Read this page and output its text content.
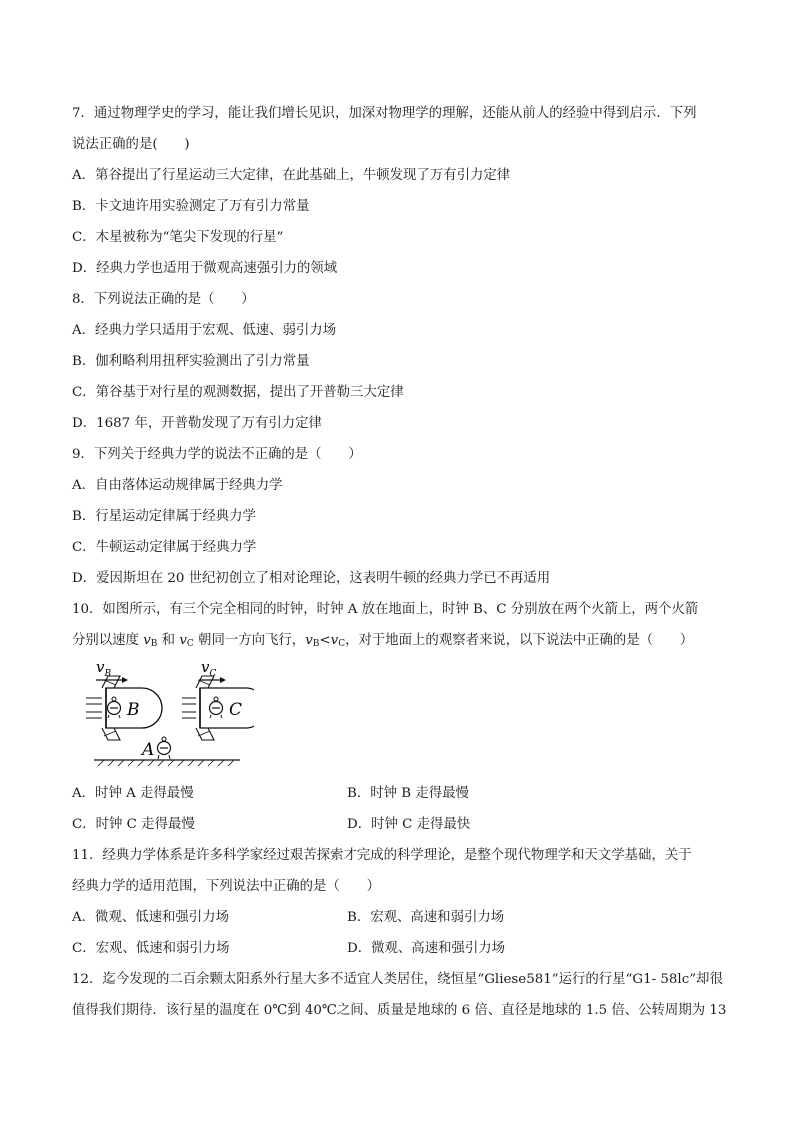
7．通过物理学史的学习，能让我们增长见识，加深对物理学的理解，还能从前人的经验中得到启示．下列
说法正确的是(　　)
A．第谷提出了行星运动三大定律，在此基础上，牛顿发现了万有引力定律
B．卡文迪许用实验测定了万有引力常量
C．木星被称为“笔尖下发现的行星”
D．经典力学也适用于微观高速强引力的领域
8．下列说法正确的是（　　）
A．经典力学只适用于宏观、低速、弱引力场
B．伽利略利用扭秤实验测出了引力常量
C．第谷基于对行星的观测数据，提出了开普勒三大定律
D．1687 年，开普勒发现了万有引力定律
9．下列关于经典力学的说法不正确的是（　　）
A．自由落体运动规律属于经典力学
B．行星运动定律属于经典力学
C．牛顿运动定律属于经典力学
D．爱因斯坦在 20 世纪初创立了相对论理论，这表明牛顿的经典力学已不再适用
10．如图所示，有三个完全相同的时钟，时钟 A 放在地面上，时钟 B、C 分别放在两个火箭上，两个火箭
分别以速度 $v_B$ 和 $v_C$ 朝同一方向飞行，$v_B<v_C$，对于地面上的观察者来说，以下说法中正确的是（　　）
$v_B$
B
$v_C$
C
A
A．时钟 A 走得最慢	B．时钟 B 走得最慢
C．时钟 C 走得最慢	D．时钟 C 走得最快
11．经典力学体系是许多科学家经过艰苦探索才完成的科学理论，是整个现代物理学和天文学基础，关于
经典力学的适用范围，下列说法中正确的是（　　）
A．微观、低速和强引力场	B．宏观、高速和弱引力场
C．宏观、低速和弱引力场	D．微观、高速和强引力场
12．迄今发现的二百余颗太阳系外行星大多不适宜人类居住，绕恒星“Gliese581”运行的行星“G1- 58lc”却很
值得我们期待．该行星的温度在 0℃到 40℃之间、质量是地球的 6 倍、直径是地球的 1.5 倍、公转周期为 13
